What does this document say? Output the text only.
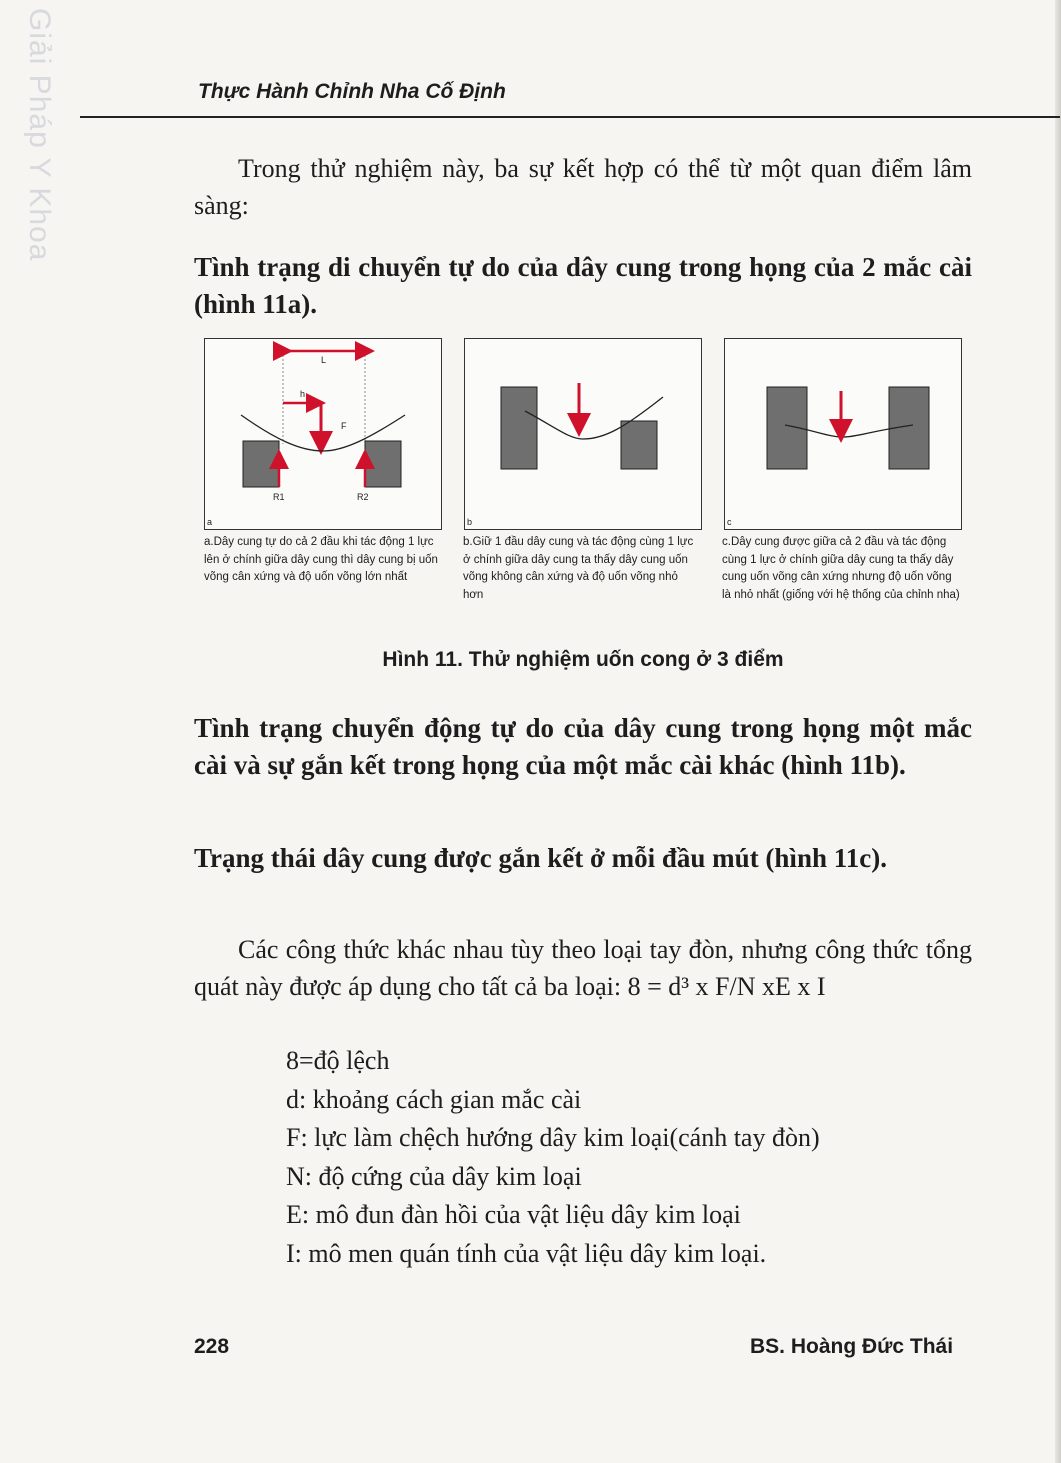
Giải Pháp Y Khoa	Thực Hành Chỉnh Nha Cố Định
Trong thử nghiệm này, ba sự kết hợp có thể từ một quan điểm lâm sàng:
Tình trạng di chuyển tự do của dây cung trong họng của 2 mắc cài (hình 11a).
L
h
F
R1	R2
a	b	c
a.Dây cung tự do cả 2 đầu khi tác động 1 lực lên ở chính giữa dây cung thì dây cung bị uốn võng cân xứng và độ uốn võng lớn nhất
b.Giữ 1 đầu dây cung và tác động cùng 1 lực ở chính giữa dây cung ta thấy dây cung uốn võng không cân xứng và độ uốn võng nhỏ hơn
c.Dây cung được giữa cả 2 đầu và tác động cùng 1 lực ở chính giữa dây cung ta thấy dây cung uốn võng cân xứng nhưng độ uốn võng là nhỏ nhất (giống với hệ thống của chỉnh nha)
Hình 11. Thử nghiệm uốn cong ở 3 điểm
Tình trạng chuyển động tự do của dây cung trong họng một mắc cài và sự gắn kết trong họng của một mắc cài khác (hình 11b).
Trạng thái dây cung được gắn kết ở mỗi đầu mút (hình 11c).
Các công thức khác nhau tùy theo loại tay đòn, nhưng công thức tổng quát này được áp dụng cho tất cả ba loại: 8 = d³ x F/N xE x I
8=độ lệch
d: khoảng cách gian mắc cài
F: lực làm chệch hướng dây kim loại(cánh tay đòn)
N: độ cứng của dây kim loại
E: mô đun đàn hồi của vật liệu dây kim loại
I: mô men quán tính của vật liệu dây kim loại.
228	BS. Hoàng Đức Thái
